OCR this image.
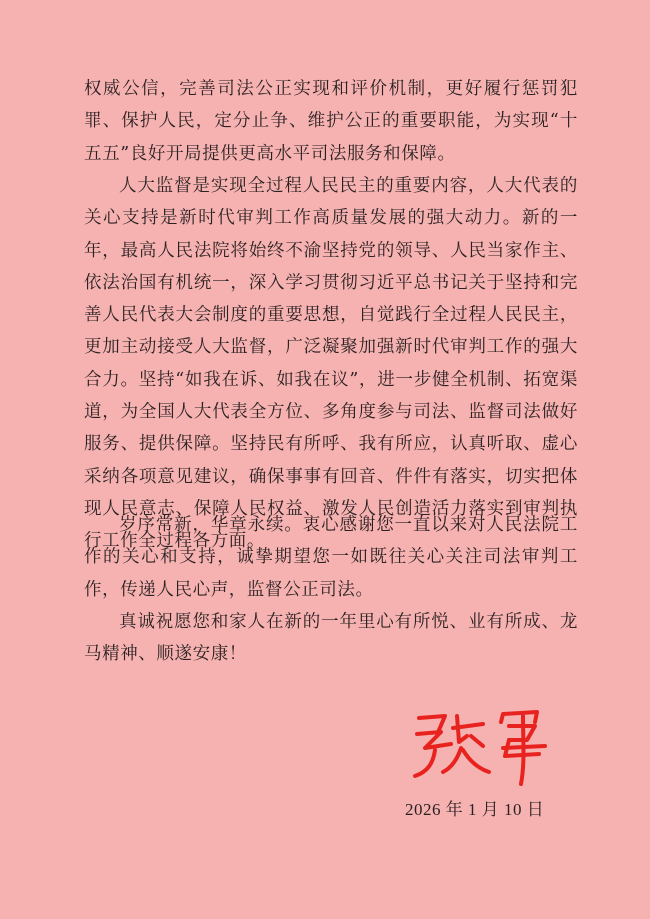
权威公信，完善司法公正实现和评价机制，更好履行惩罚犯罪、保护人民，定分止争、维护公正的重要职能，为实现“十五五”良好开局提供更高水平司法服务和保障。

人大监督是实现全过程人民民主的重要内容，人大代表的关心支持是新时代审判工作高质量发展的强大动力。新的一年，最高人民法院将始终不渝坚持党的领导、人民当家作主、依法治国有机统一，深入学习贯彻习近平总书记关于坚持和完善人民代表大会制度的重要思想，自觉践行全过程人民民主，更加主动接受人大监督，广泛凝聚加强新时代审判工作的强大合力。坚持“如我在诉、如我在议”，进一步健全机制、拓宽渠道，为全国人大代表全方位、多角度参与司法、监督司法做好服务、提供保障。坚持民有所呼、我有所应，认真听取、虚心采纳各项意见建议，确保事事有回音、件件有落实，切实把体现人民意志、保障人民权益、激发人民创造活力落实到审判执行工作全过程各方面。

岁序常新，华章永续。衷心感谢您一直以来对人民法院工作的关心和支持，诚挚期望您一如既往关心关注司法审判工作，传递人民心声，监督公正司法。

真诚祝愿您和家人在新的一年里心有所悦、业有所成、龙马精神、顺遂安康！

2026 年 1 月 10 日
